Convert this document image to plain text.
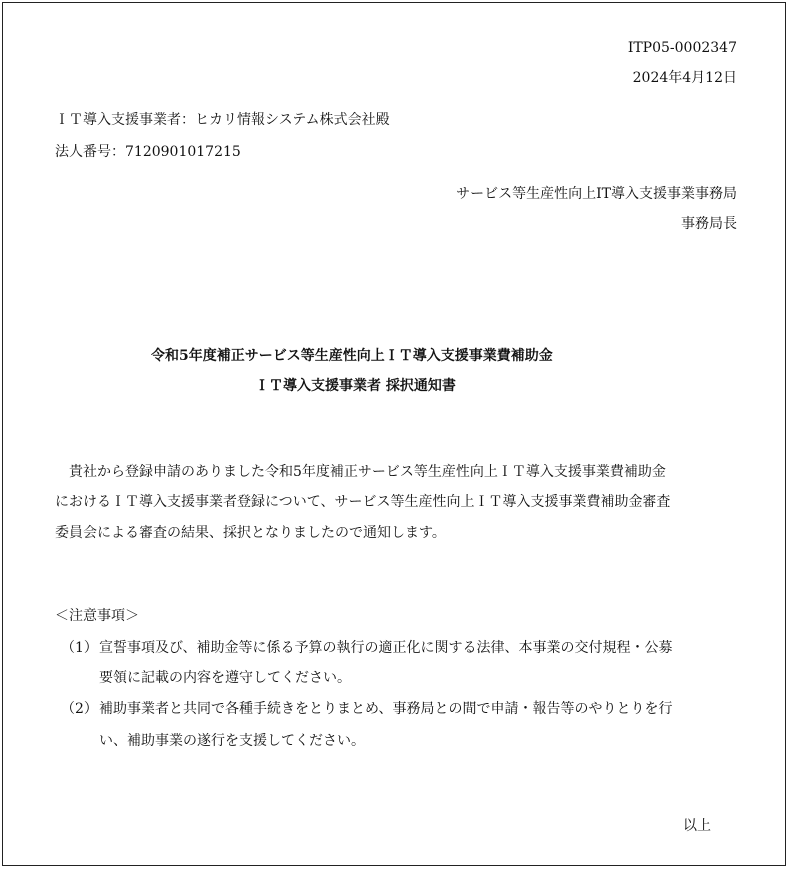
ITP05-0002347
2024年4月12日
ＩＴ導入支援事業者：ヒカリ情報システム株式会社殿
法人番号：7120901017215
サービス等生産性向上IT導入支援事業事務局
事務局長
令和5年度補正サービス等生産性向上ＩＴ導入支援事業費補助金
ＩＴ導入支援事業者 採択通知書
　貴社から登録申請のありました令和5年度補正サービス等生産性向上ＩＴ導入支援事業費補助金
におけるＩＴ導入支援事業者登録について、サービス等生産性向上ＩＴ導入支援事業費補助金審査
委員会による審査の結果、採択となりましたので通知します。
＜注意事項＞
（1） 宣誓事項及び、補助金等に係る予算の執行の適正化に関する法律、本事業の交付規程・公募
要領に記載の内容を遵守してください。
（2） 補助事業者と共同で各種手続きをとりまとめ、事務局との間で申請・報告等のやりとりを行
い、補助事業の遂行を支援してください。
以上
